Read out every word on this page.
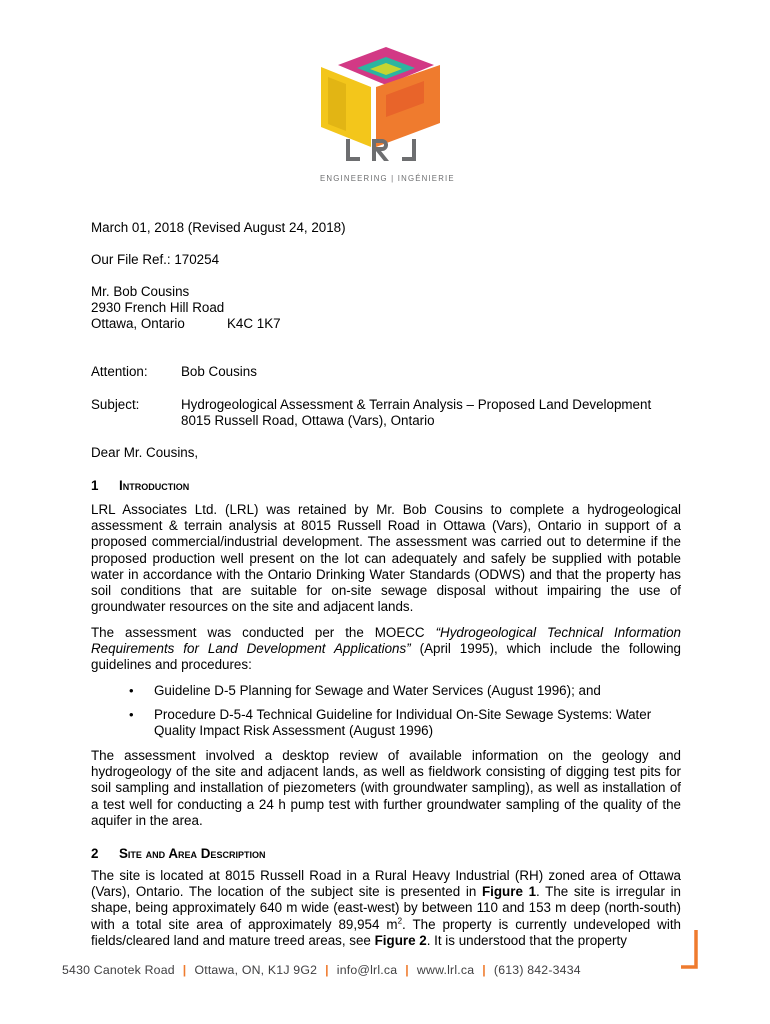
ENGINEERING | INGÉNIERIE
March 01, 2018 (Revised August 24, 2018)
Our File Ref.: 170254
Mr. Bob Cousins
2930 French Hill Road
Ottawa, Ontario	K4C 1K7
Attention: Bob Cousins
Subject:	Hydrogeological Assessment & Terrain Analysis – Proposed Land Development
8015 Russell Road, Ottawa (Vars), Ontario
Dear Mr. Cousins,
1 Introduction
LRL Associates Ltd. (LRL) was retained by Mr. Bob Cousins to complete a hydrogeological assessment & terrain analysis at 8015 Russell Road in Ottawa (Vars), Ontario in support of a proposed commercial/industrial development. The assessment was carried out to determine if the proposed production well present on the lot can adequately and safely be supplied with potable water in accordance with the Ontario Drinking Water Standards (ODWS) and that the property has soil conditions that are suitable for on-site sewage disposal without impairing the use of groundwater resources on the site and adjacent lands.
The assessment was conducted per the MOECC “Hydrogeological Technical Information Requirements for Land Development Applications” (April 1995), which include the following guidelines and procedures:
• Guideline D-5 Planning for Sewage and Water Services (August 1996); and
• Procedure D-5-4 Technical Guideline for Individual On-Site Sewage Systems: Water Quality Impact Risk Assessment (August 1996)
The assessment involved a desktop review of available information on the geology and hydrogeology of the site and adjacent lands, as well as fieldwork consisting of digging test pits for soil sampling and installation of piezometers (with groundwater sampling), as well as installation of a test well for conducting a 24 h pump test with further groundwater sampling of the quality of the aquifer in the area.
2 Site and Area Description
The site is located at 8015 Russell Road in a Rural Heavy Industrial (RH) zoned area of Ottawa (Vars), Ontario. The location of the subject site is presented in Figure 1. The site is irregular in shape, being approximately 640 m wide (east-west) by between 110 and 153 m deep (north-south) with a total site area of approximately 89,954 $m^2$. The property is currently undeveloped with fields/cleared land and mature treed areas, see Figure 2. It is understood that the property
5430 Canotek Road | Ottawa, ON, K1J 9G2 | info@lrl.ca | www.lrl.ca | (613) 842-3434
